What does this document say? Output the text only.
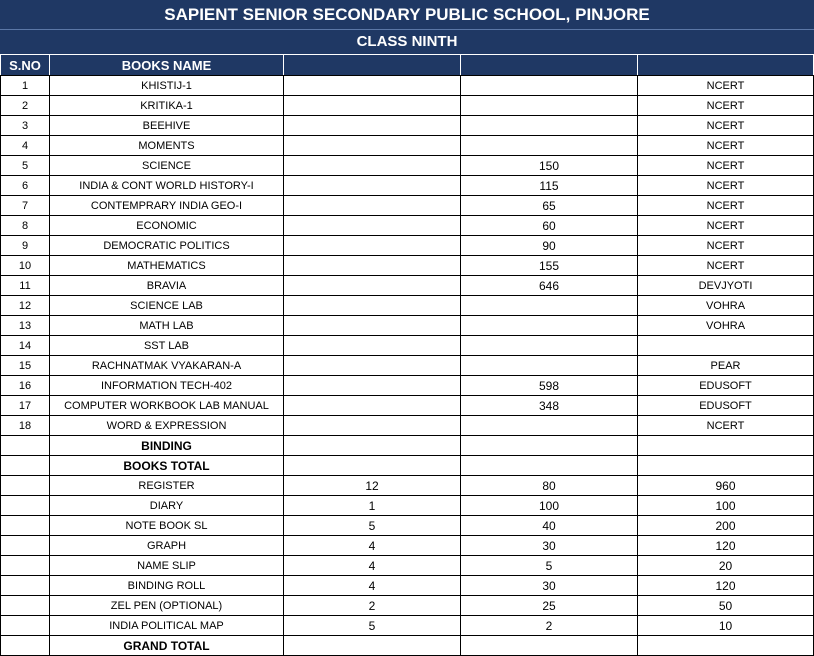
SAPIENT SENIOR SECONDARY PUBLIC SCHOOL, PINJORE
CLASS NINTH
S.NO	BOOKS NAME			
1	KHISTIJ-1			NCERT
2	KRITIKA-1			NCERT
3	BEEHIVE			NCERT
4	MOMENTS			NCERT
5	SCIENCE		150	NCERT
6	INDIA & CONT WORLD HISTORY-I		115	NCERT
7	CONTEMPRARY INDIA GEO-I		65	NCERT
8	ECONOMIC		60	NCERT
9	DEMOCRATIC POLITICS		90	NCERT
10	MATHEMATICS		155	NCERT
11	BRAVIA		646	DEVJYOTI
12	SCIENCE LAB			VOHRA
13	MATH LAB			VOHRA
14	SST LAB			
15	RACHNATMAK VYAKARAN-A			PEAR
16	INFORMATION TECH-402		598	EDUSOFT
17	COMPUTER WORKBOOK LAB MANUAL		348	EDUSOFT
18	WORD & EXPRESSION			NCERT
	BINDING			
	BOOKS TOTAL			
	REGISTER	12	80	960
	DIARY	1	100	100
	NOTE BOOK SL	5	40	200
	GRAPH	4	30	120
	NAME SLIP	4	5	20
	BINDING ROLL	4	30	120
	ZEL PEN (OPTIONAL)	2	25	50
	INDIA POLITICAL MAP	5	2	10
	GRAND TOTAL			
